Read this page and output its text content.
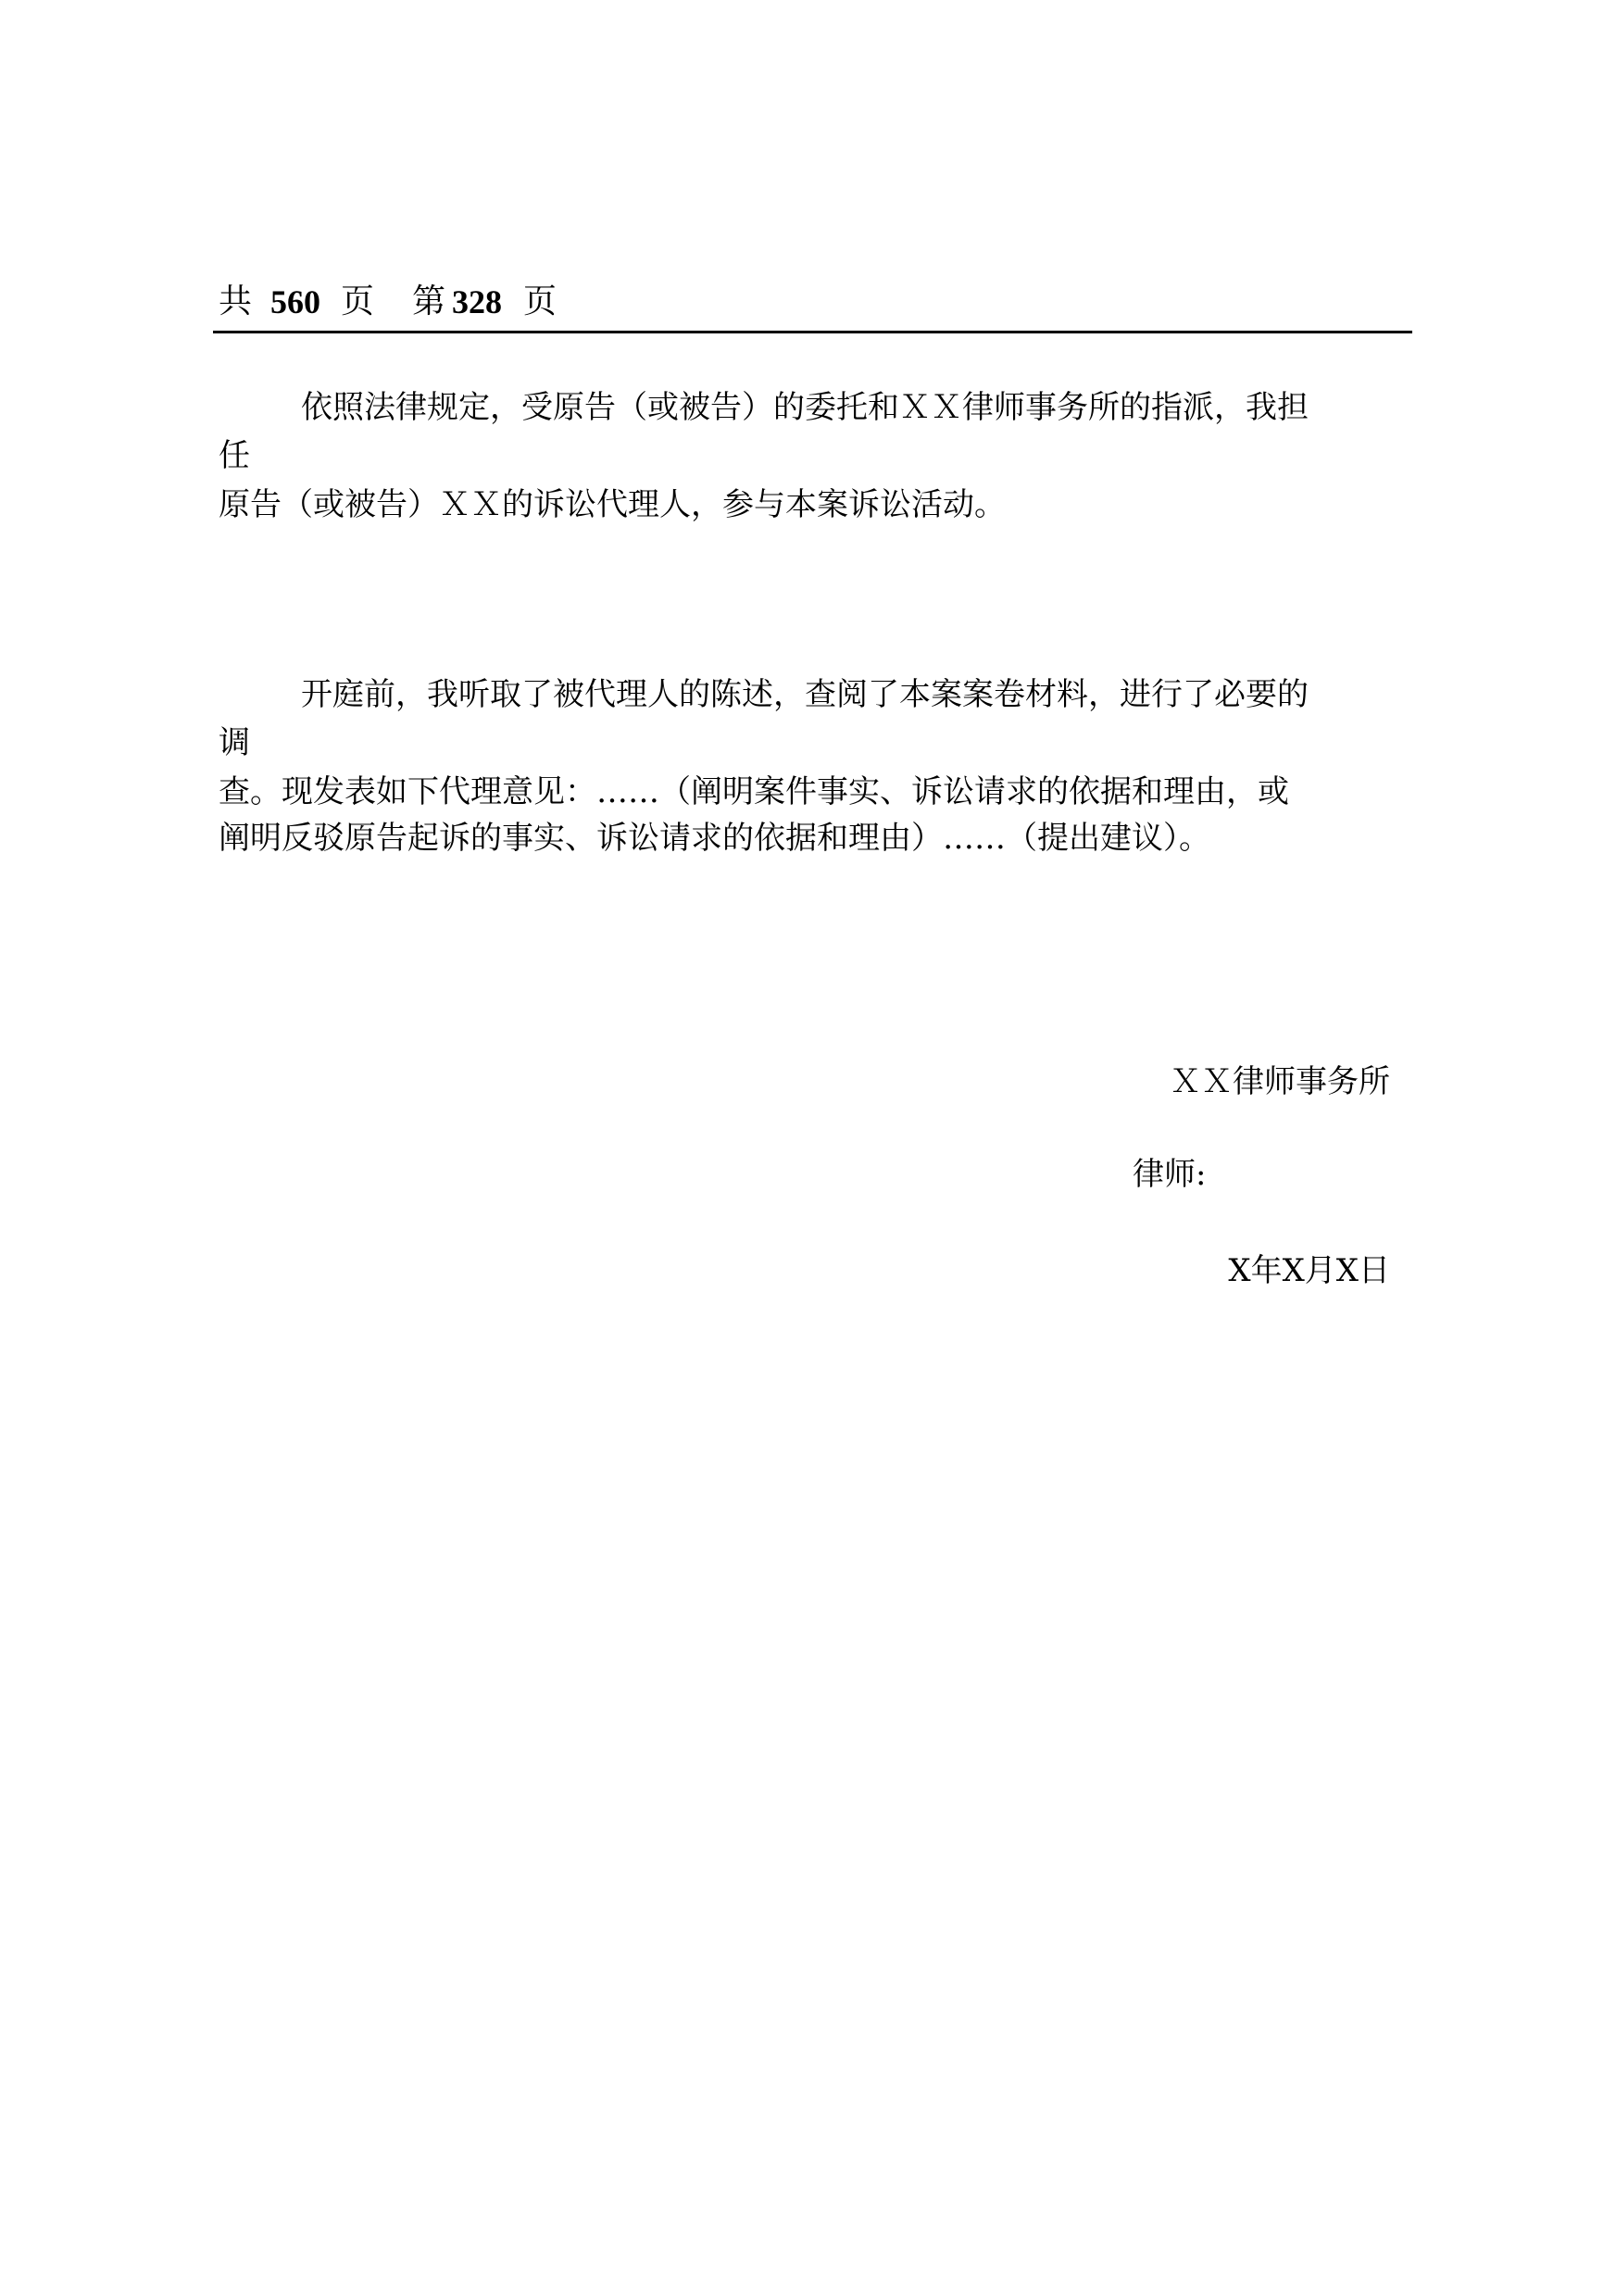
共 560 页 第 328 页
依照法律规定，受原告（或被告）的委托和ＸＸ律师事务所的指派，我担
任
原告（或被告）ＸＸ的诉讼代理人，参与本案诉讼活动。
开庭前，我听取了被代理人的陈述，查阅了本案案卷材料，进行了必要的
调
查。现发表如下代理意见：……（阐明案件事实、诉讼请求的依据和理由，或
阐明反驳原告起诉的事实、诉讼请求的依据和理由）……（提出建议）。
ＸＸ律师事务所
律师:
X年X月X日
